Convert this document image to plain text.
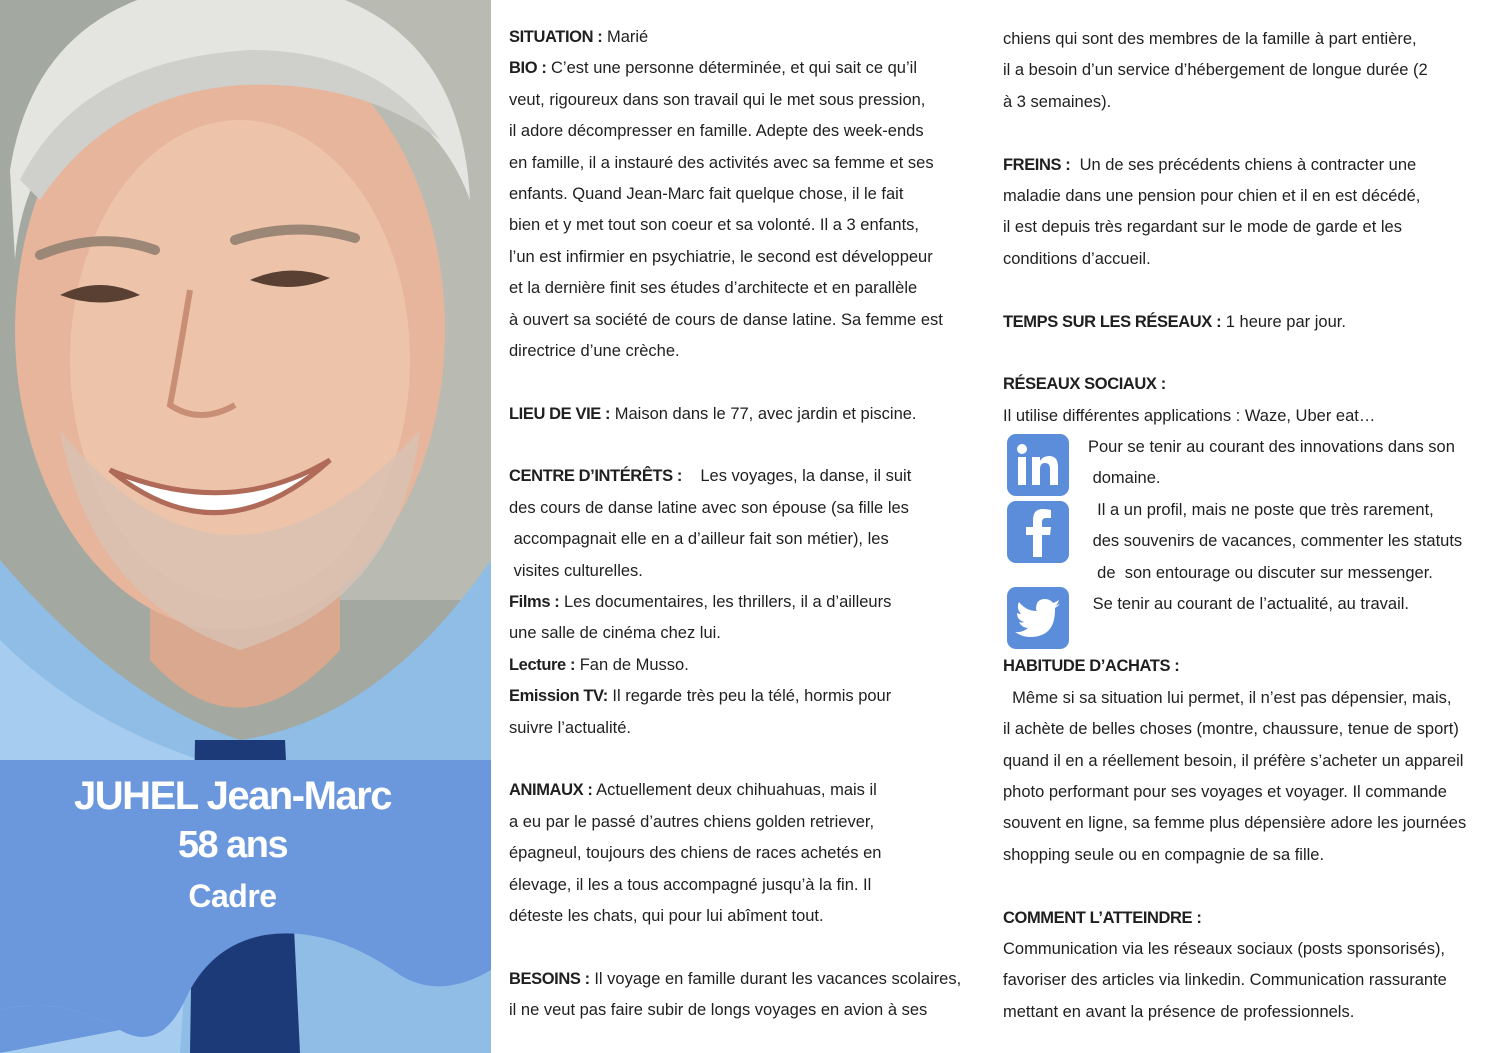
JUHEL Jean-Marc
58 ans
Cadre
SITUATION : Marié
BIO : C’est une personne déterminée, et qui sait ce qu’il
veut, rigoureux dans son travail qui le met sous pression,
il adore décompresser en famille. Adepte des week-ends
en famille, il a instauré des activités avec sa femme et ses
enfants. Quand Jean-Marc fait quelque chose, il le fait
bien et y met tout son coeur et sa volonté. Il a 3 enfants,
l’un est infirmier en psychiatrie, le second est développeur
et la dernière finit ses études d’architecte et en parallèle
à ouvert sa société de cours de danse latine. Sa femme est
directrice d’une crèche.
LIEU DE VIE : Maison dans le 77, avec jardin et piscine.
CENTRE D’INTÉRÊTS : Les voyages, la danse, il suit
des cours de danse latine avec son épouse (sa fille les
accompagnait elle en a d’ailleur fait son métier), les
visites culturelles.
Films : Les documentaires, les thrillers, il a d’ailleurs
une salle de cinéma chez lui.
Lecture : Fan de Musso.
Emission TV: Il regarde très peu la télé, hormis pour
suivre l’actualité.
ANIMAUX : Actuellement deux chihuahuas, mais il
a eu par le passé d’autres chiens golden retriever,
épagneul, toujours des chiens de races achetés en
élevage, il les a tous accompagné jusqu’à la fin. Il
déteste les chats, qui pour lui abîment tout.
BESOINS : Il voyage en famille durant les vacances scolaires,
il ne veut pas faire subir de longs voyages en avion à ses
chiens qui sont des membres de la famille à part entière,
il a besoin d’un service d’hébergement de longue durée (2
à 3 semaines).
FREINS : Un de ses précédents chiens à contracter une
maladie dans une pension pour chien et il en est décédé,
il est depuis très regardant sur le mode de garde et les
conditions d’accueil.
TEMPS SUR LES RÉSEAUX : 1 heure par jour.
RÉSEAUX SOCIAUX :
Il utilise différentes applications : Waze, Uber eat…
Pour se tenir au courant des innovations dans son
domaine.
Il a un profil, mais ne poste que très rarement,
des souvenirs de vacances, commenter les statuts
de  son entourage ou discuter sur messenger.
Se tenir au courant de l’actualité, au travail.
HABITUDE D’ACHATS :
Même si sa situation lui permet, il n’est pas dépensier, mais,
il achète de belles choses (montre, chaussure, tenue de sport)
quand il en a réellement besoin, il préfère s’acheter un appareil
photo performant pour ses voyages et voyager. Il commande
souvent en ligne, sa femme plus dépensière adore les journées
shopping seule ou en compagnie de sa fille.
COMMENT L’ATTEINDRE :
Communication via les réseaux sociaux (posts sponsorisés),
favoriser des articles via linkedin. Communication rassurante
mettant en avant la présence de professionnels.
